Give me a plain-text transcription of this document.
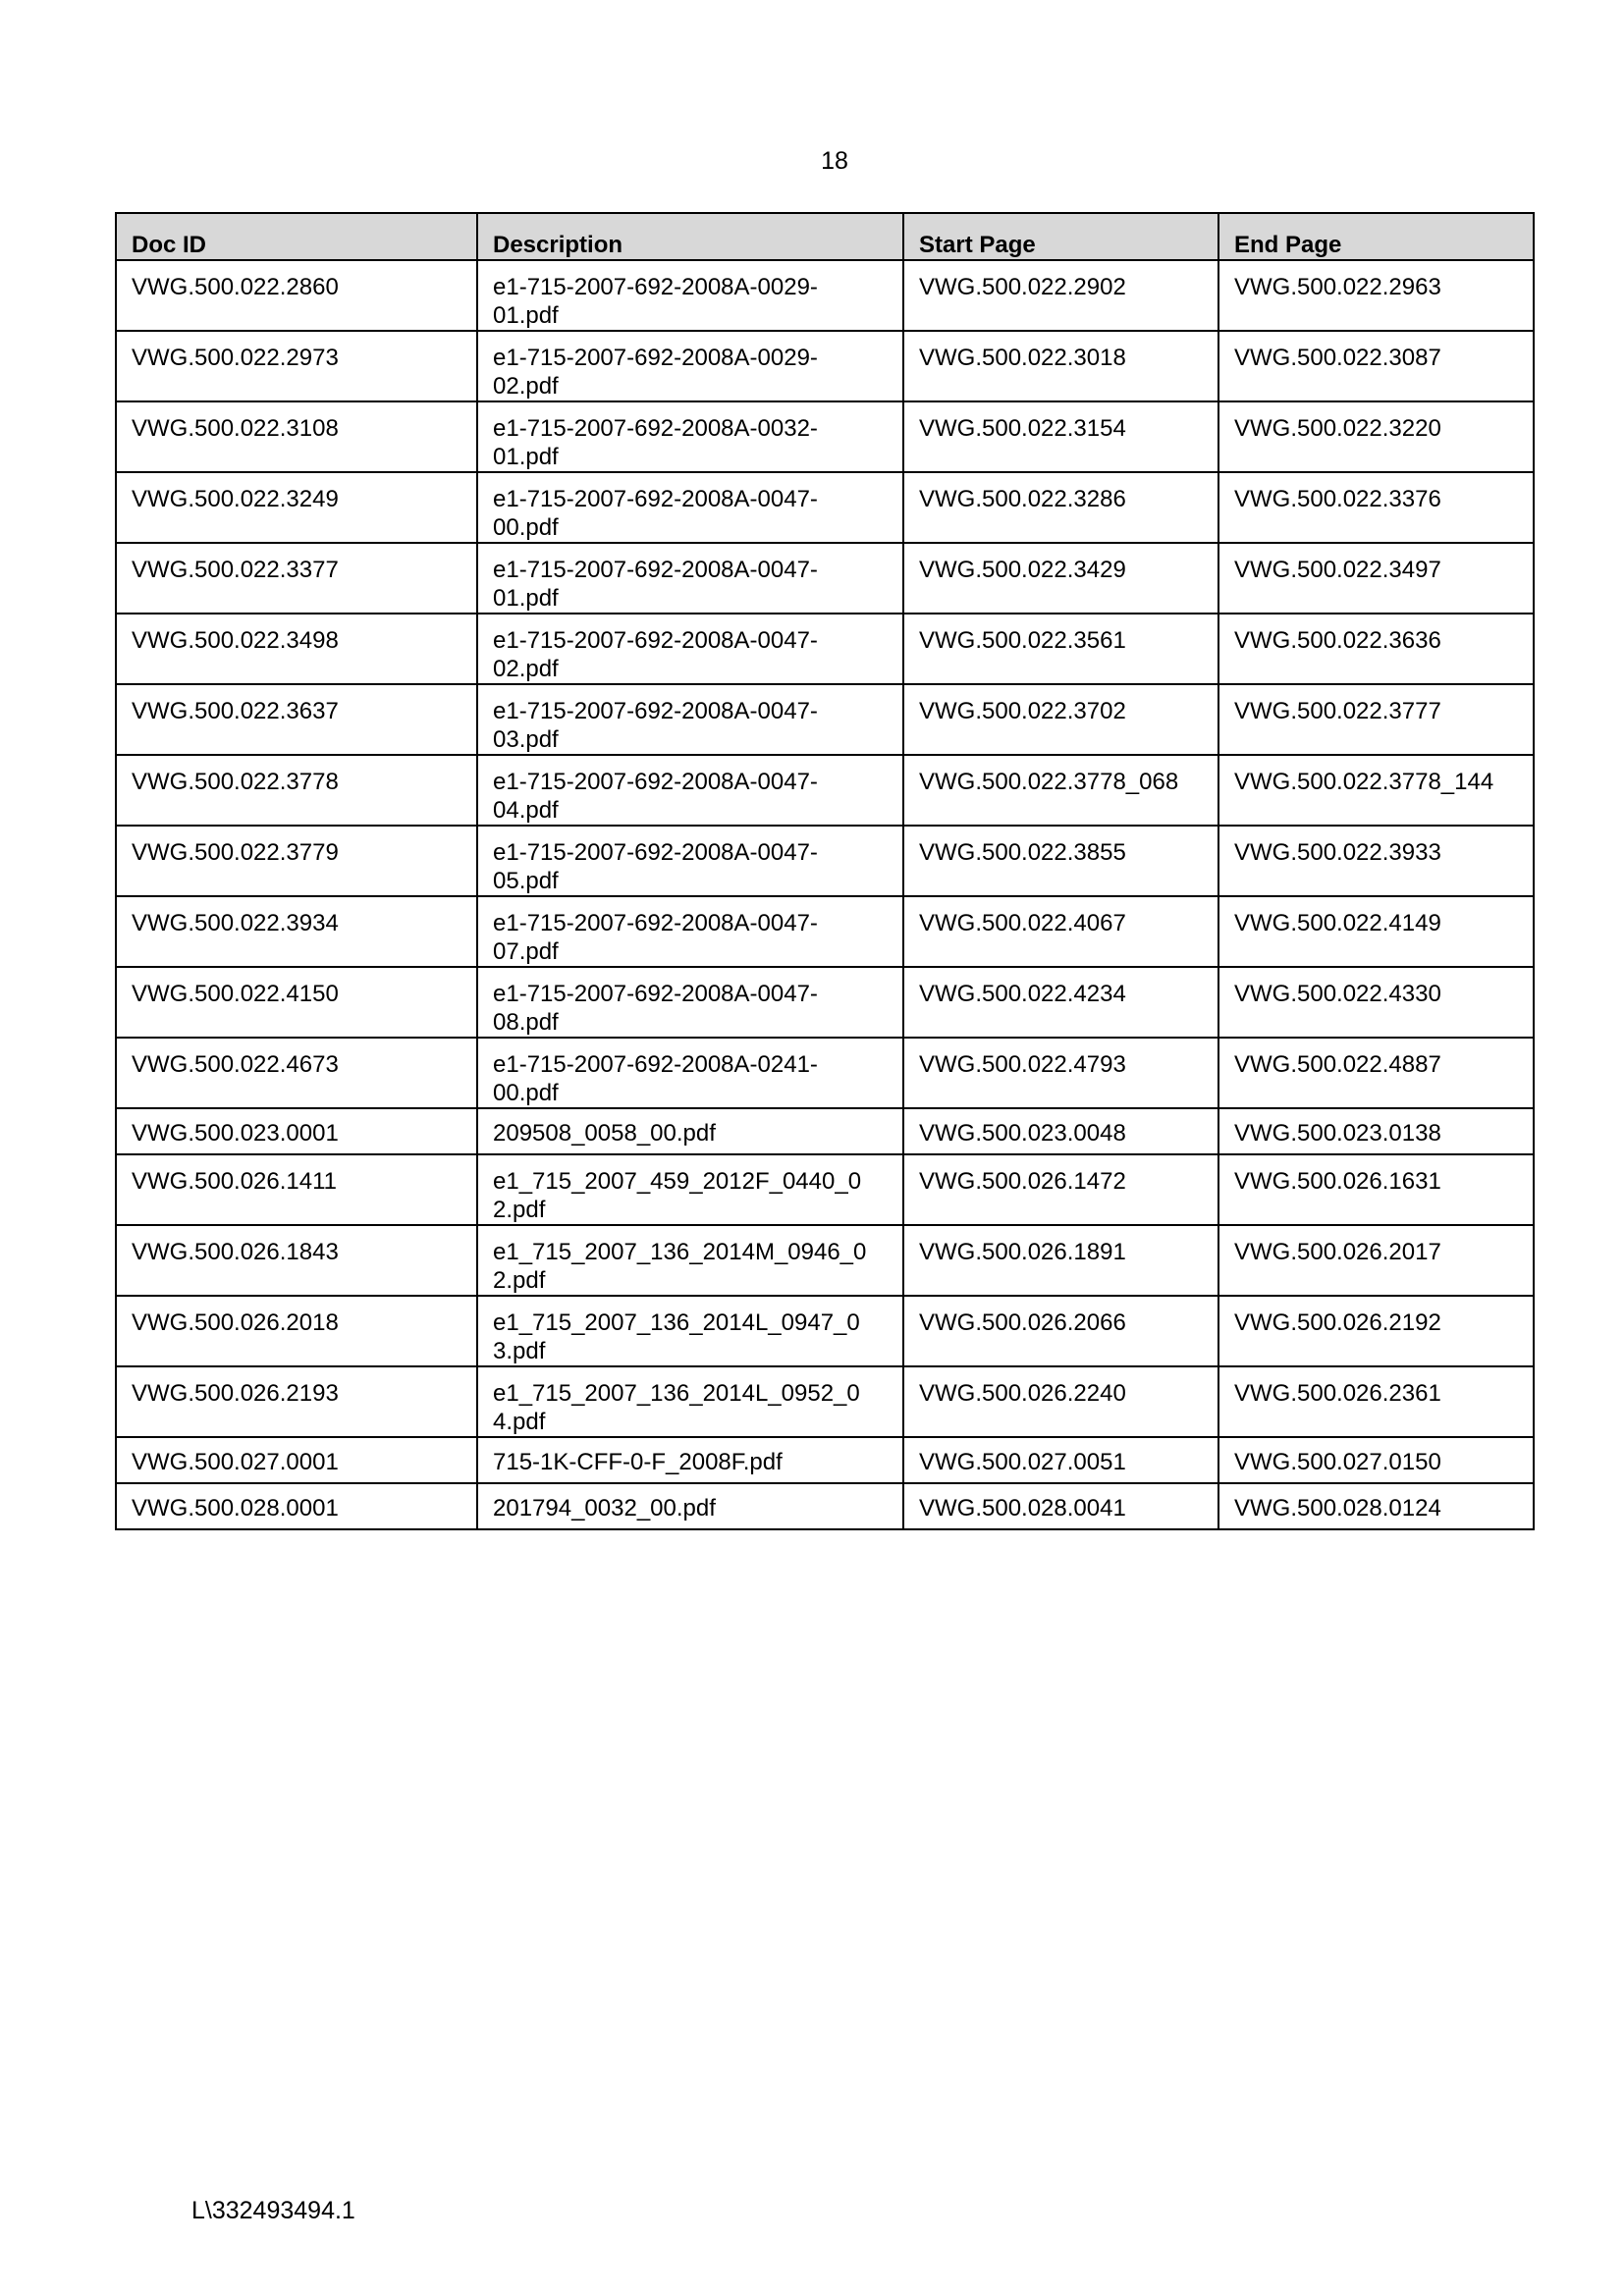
18
Doc ID	Description	Start Page	End Page
VWG.500.022.2860	e1-715-2007-692-2008A-0029-
01.pdf	VWG.500.022.2902	VWG.500.022.2963
VWG.500.022.2973	e1-715-2007-692-2008A-0029-
02.pdf	VWG.500.022.3018	VWG.500.022.3087
VWG.500.022.3108	e1-715-2007-692-2008A-0032-
01.pdf	VWG.500.022.3154	VWG.500.022.3220
VWG.500.022.3249	e1-715-2007-692-2008A-0047-
00.pdf	VWG.500.022.3286	VWG.500.022.3376
VWG.500.022.3377	e1-715-2007-692-2008A-0047-
01.pdf	VWG.500.022.3429	VWG.500.022.3497
VWG.500.022.3498	e1-715-2007-692-2008A-0047-
02.pdf	VWG.500.022.3561	VWG.500.022.3636
VWG.500.022.3637	e1-715-2007-692-2008A-0047-
03.pdf	VWG.500.022.3702	VWG.500.022.3777
VWG.500.022.3778	e1-715-2007-692-2008A-0047-
04.pdf	VWG.500.022.3778_068	VWG.500.022.3778_144
VWG.500.022.3779	e1-715-2007-692-2008A-0047-
05.pdf	VWG.500.022.3855	VWG.500.022.3933
VWG.500.022.3934	e1-715-2007-692-2008A-0047-
07.pdf	VWG.500.022.4067	VWG.500.022.4149
VWG.500.022.4150	e1-715-2007-692-2008A-0047-
08.pdf	VWG.500.022.4234	VWG.500.022.4330
VWG.500.022.4673	e1-715-2007-692-2008A-0241-
00.pdf	VWG.500.022.4793	VWG.500.022.4887
VWG.500.023.0001	209508_0058_00.pdf	VWG.500.023.0048	VWG.500.023.0138
VWG.500.026.1411	e1_715_2007_459_2012F_0440_0
2.pdf	VWG.500.026.1472	VWG.500.026.1631
VWG.500.026.1843	e1_715_2007_136_2014M_0946_0
2.pdf	VWG.500.026.1891	VWG.500.026.2017
VWG.500.026.2018	e1_715_2007_136_2014L_0947_0
3.pdf	VWG.500.026.2066	VWG.500.026.2192
VWG.500.026.2193	e1_715_2007_136_2014L_0952_0
4.pdf	VWG.500.026.2240	VWG.500.026.2361
VWG.500.027.0001	715-1K-CFF-0-F_2008F.pdf	VWG.500.027.0051	VWG.500.027.0150
VWG.500.028.0001	201794_0032_00.pdf	VWG.500.028.0041	VWG.500.028.0124
L\332493494.1
